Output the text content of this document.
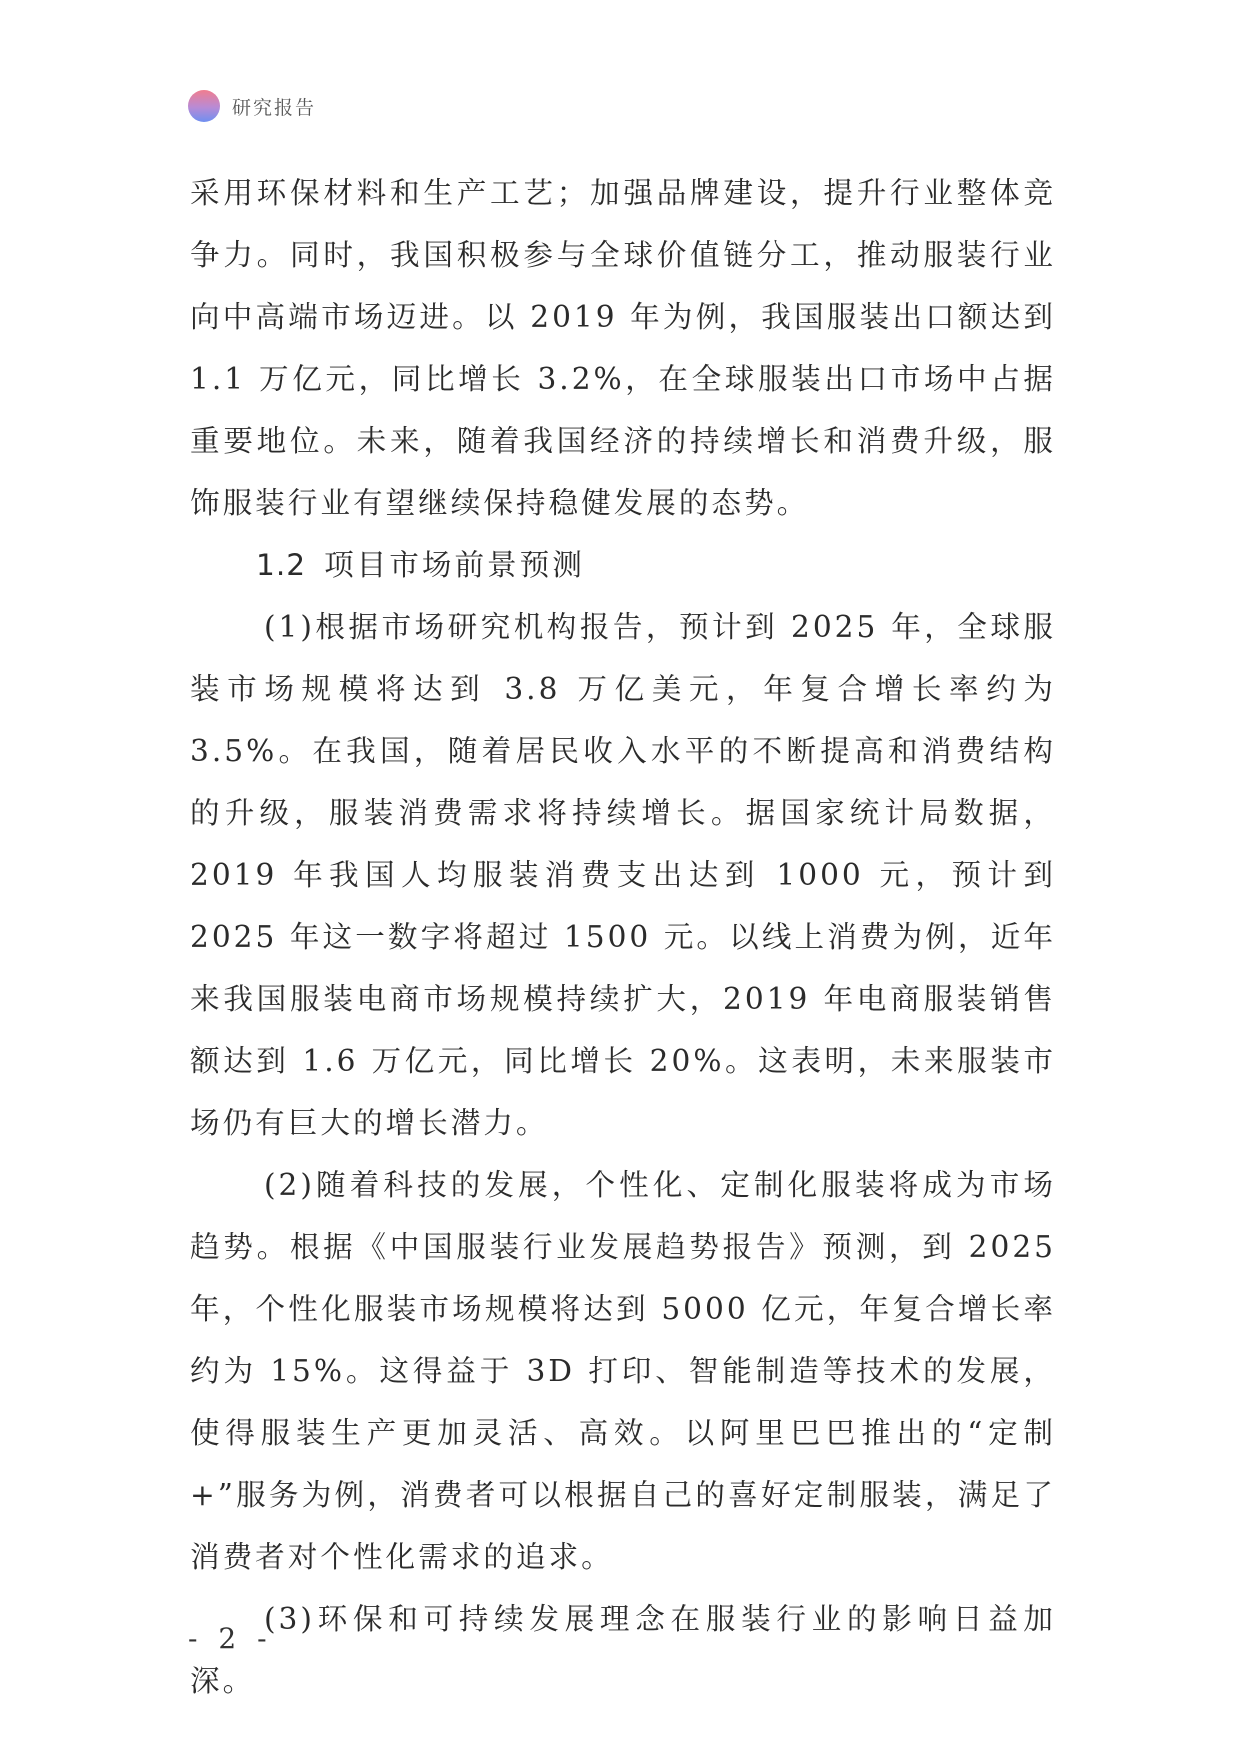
研究报告

采用环保材料和生产工艺；加强品牌建设，提升行业整体竞争力。同时，我国积极参与全球价值链分工，推动服装行业向中高端市场迈进。以 2019 年为例，我国服装出口额达到 1.1 万亿元，同比增长 3.2%，在全球服装出口市场中占据重要地位。未来，随着我国经济的持续增长和消费升级，服饰服装行业有望继续保持稳健发展的态势。

1.2 项目市场前景预测

(1)根据市场研究机构报告，预计到 2025 年，全球服装市场规模将达到 3.8 万亿美元，年复合增长率约为 3.5%。在我国，随着居民收入水平的不断提高和消费结构的升级，服装消费需求将持续增长。据国家统计局数据，2019 年我国人均服装消费支出达到 1000 元，预计到 2025 年这一数字将超过 1500 元。以线上消费为例，近年来我国服装电商市场规模持续扩大，2019 年电商服装销售额达到 1.6 万亿元，同比增长 20%。这表明，未来服装市场仍有巨大的增长潜力。

(2)随着科技的发展，个性化、定制化服装将成为市场趋势。根据《中国服装行业发展趋势报告》预测，到 2025 年，个性化服装市场规模将达到 5000 亿元，年复合增长率约为 15%。这得益于 3D 打印、智能制造等技术的发展，使得服装生产更加灵活、高效。以阿里巴巴推出的“定制+”服务为例，消费者可以根据自己的喜好定制服装，满足了消费者对个性化需求的追求。

(3)环保和可持续发展理念在服装行业的影响日益加深。

- 2 -
